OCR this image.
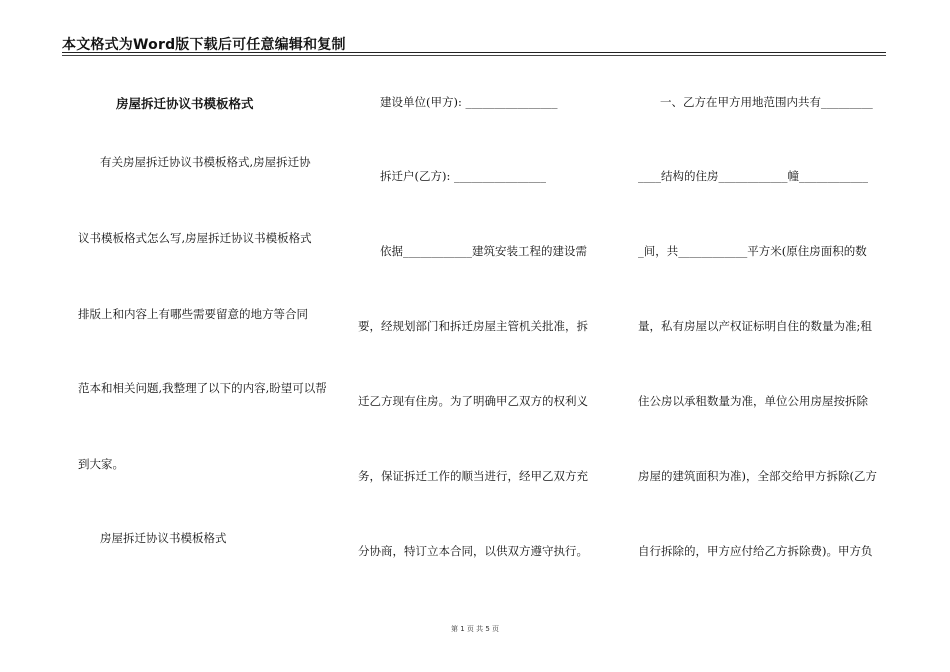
本文格式为Word版下载后可任意编辑和复制
房屋拆迁协议书模板格式
有关房屋拆迁协议书模板格式,房屋拆迁协
议书模板格式怎么写,房屋拆迁协议书模板格式
排版上和内容上有哪些需要留意的地方等合同
范本和相关问题,我整理了以下的内容,盼望可以帮
到大家。
房屋拆迁协议书模板格式
建设单位(甲方): ________________
拆迁户(乙方): ________________
依据____________建筑安装工程的建设需
要，经规划部门和拆迁房屋主管机关批准，拆
迁乙方现有住房。为了明确甲乙双方的权利义
务，保证拆迁工作的顺当进行，经甲乙双方充
分协商，特订立本合同，以供双方遵守执行。
一、乙方在甲方用地范围内共有_________
____结构的住房____________幢____________
_间，共____________平方米(原住房面积的数
量，私有房屋以产权证标明自住的数量为准;租
住公房以承租数量为准，单位公用房屋按拆除
房屋的建筑面积为准)，全部交给甲方拆除(乙方
自行拆除的，甲方应付给乙方拆除费)。甲方负
第 1 页 共 5 页
